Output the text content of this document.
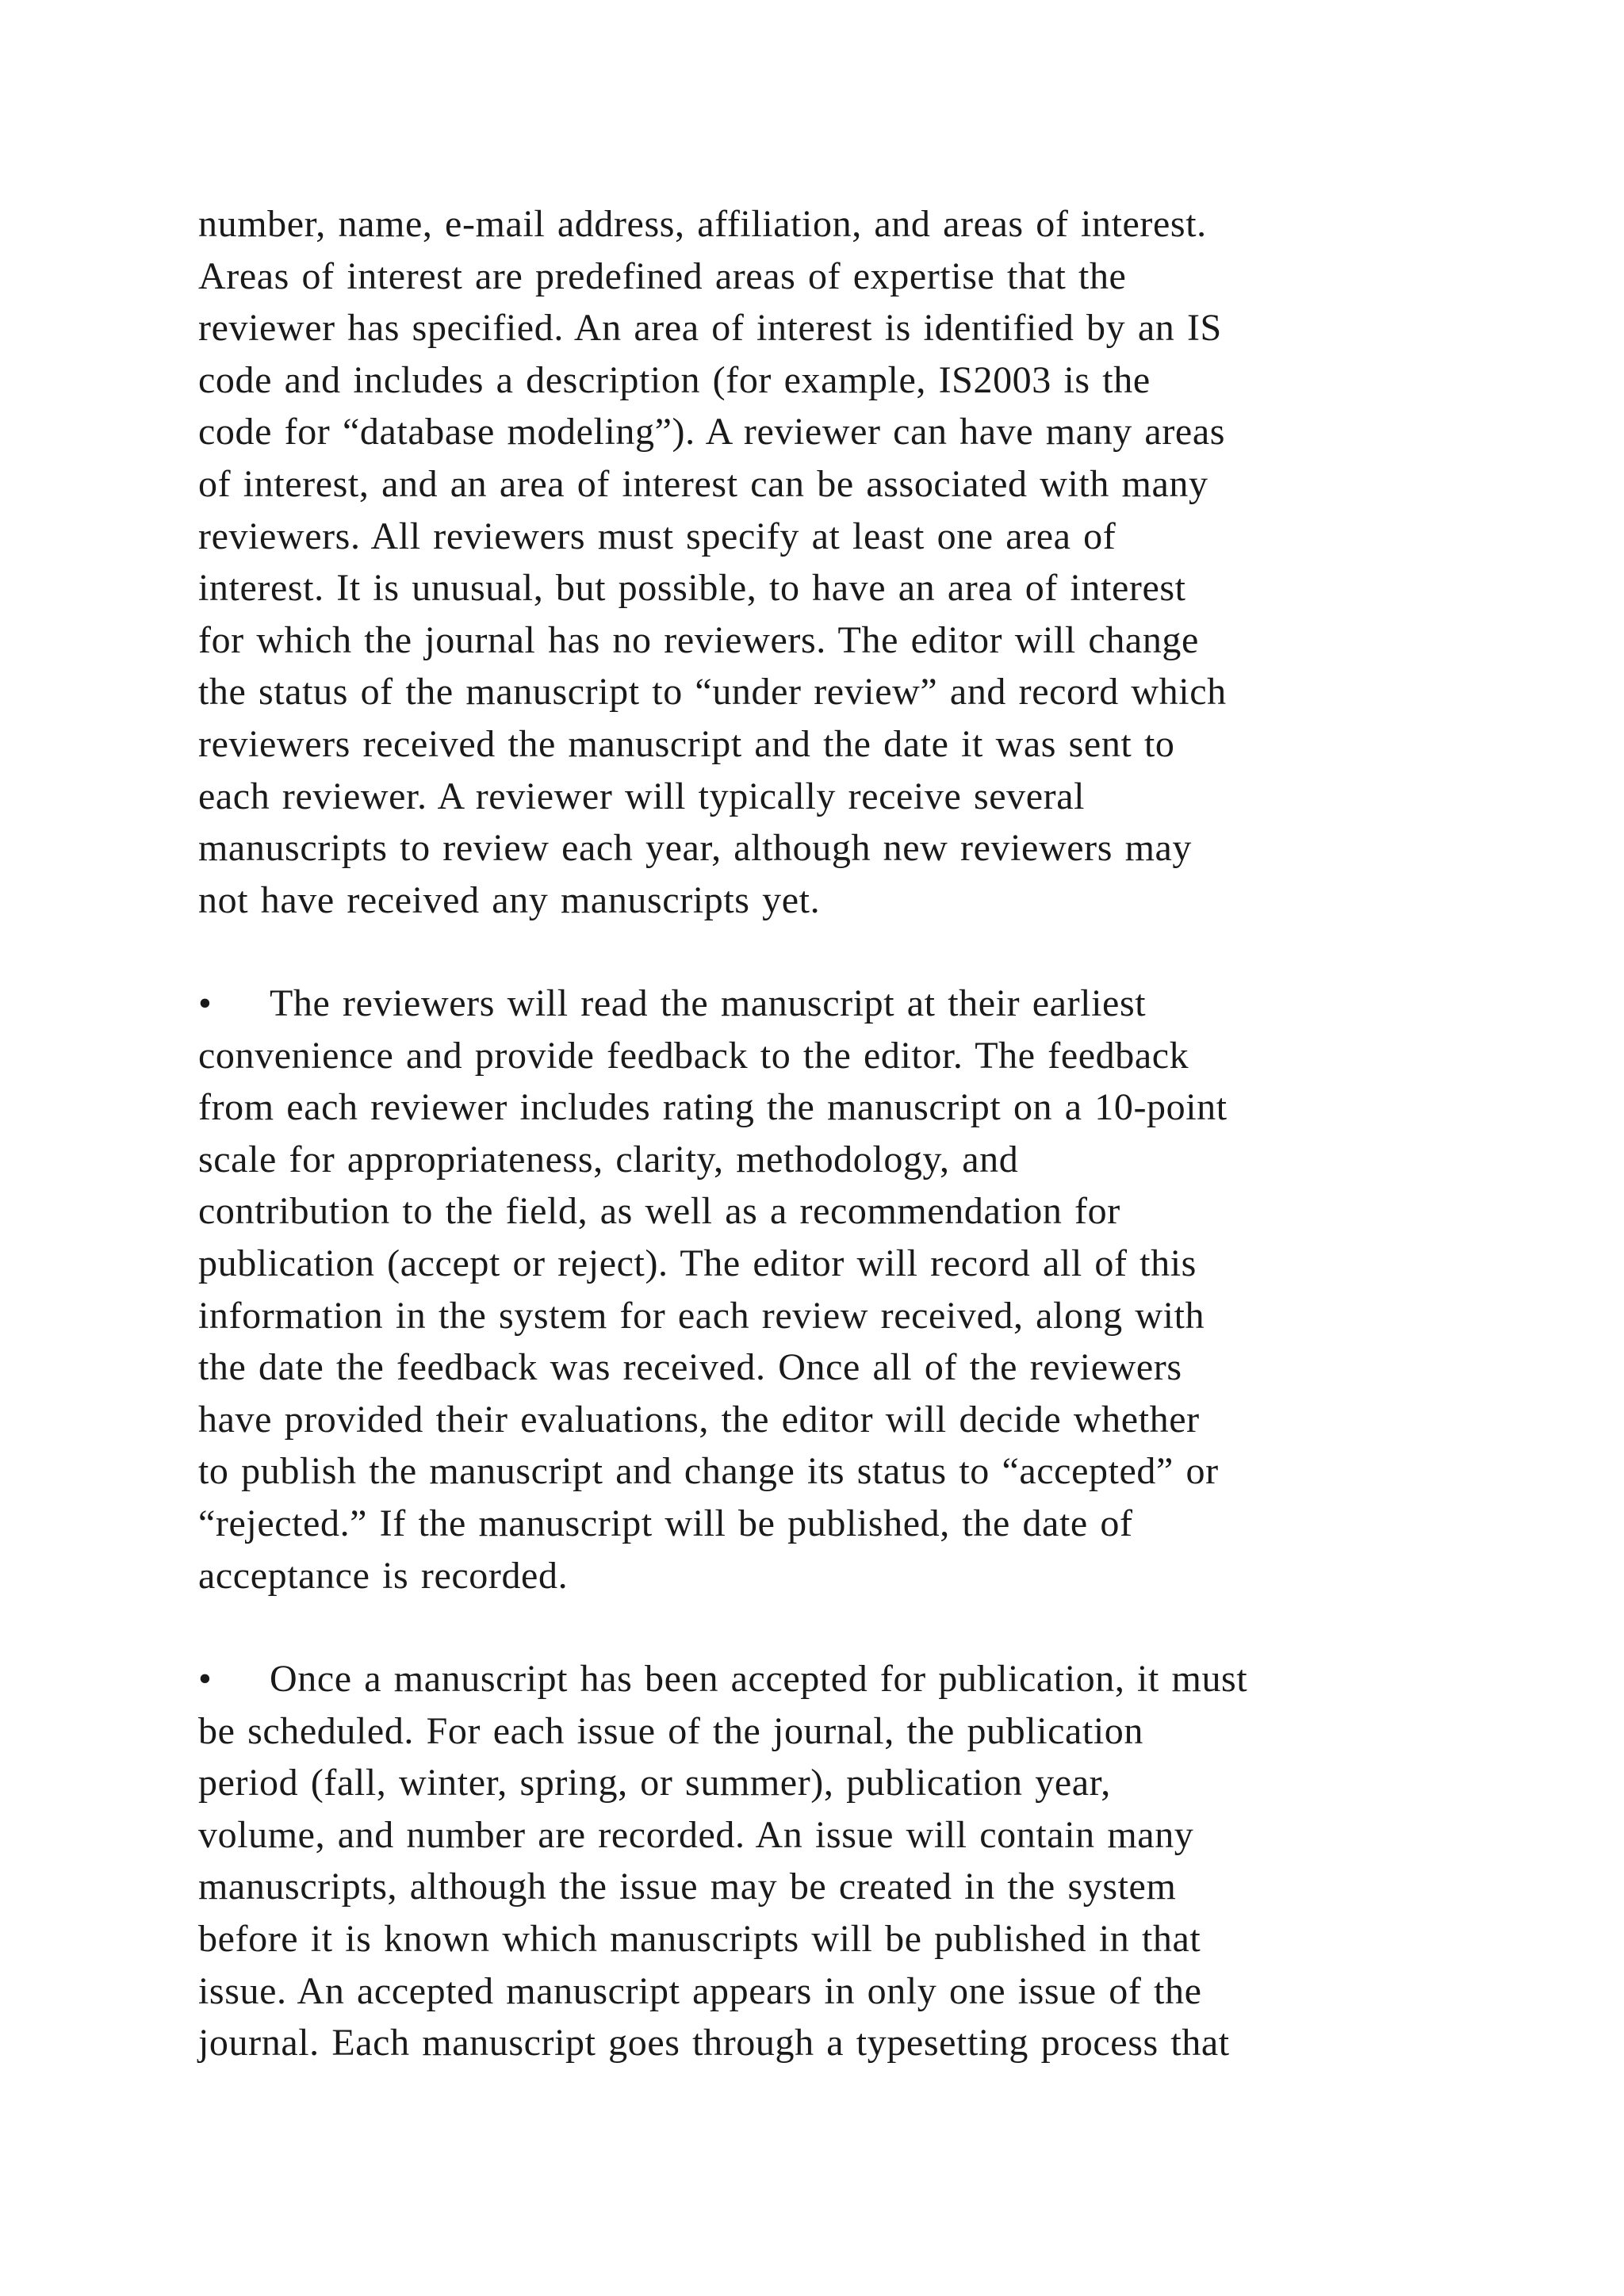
number, name, e-mail address, affiliation, and areas of interest.
Areas of interest are predefined areas of expertise that the
reviewer has specified. An area of interest is identified by an IS
code and includes a description (for example, IS2003 is the
code for “database modeling”). A reviewer can have many areas
of interest, and an area of interest can be associated with many
reviewers. All reviewers must specify at least one area of
interest. It is unusual, but possible, to have an area of interest
for which the journal has no reviewers. The editor will change
the status of the manuscript to “under review” and record which
reviewers received the manuscript and the date it was sent to
each reviewer. A reviewer will typically receive several
manuscripts to review each year, although new reviewers may
not have received any manuscripts yet.
• The reviewers will read the manuscript at their earliest
convenience and provide feedback to the editor. The feedback
from each reviewer includes rating the manuscript on a 10-point
scale for appropriateness, clarity, methodology, and
contribution to the field, as well as a recommendation for
publication (accept or reject). The editor will record all of this
information in the system for each review received, along with
the date the feedback was received. Once all of the reviewers
have provided their evaluations, the editor will decide whether
to publish the manuscript and change its status to “accepted” or
“rejected.” If the manuscript will be published, the date of
acceptance is recorded.
• Once a manuscript has been accepted for publication, it must
be scheduled. For each issue of the journal, the publication
period (fall, winter, spring, or summer), publication year,
volume, and number are recorded. An issue will contain many
manuscripts, although the issue may be created in the system
before it is known which manuscripts will be published in that
issue. An accepted manuscript appears in only one issue of the
journal. Each manuscript goes through a typesetting process that
